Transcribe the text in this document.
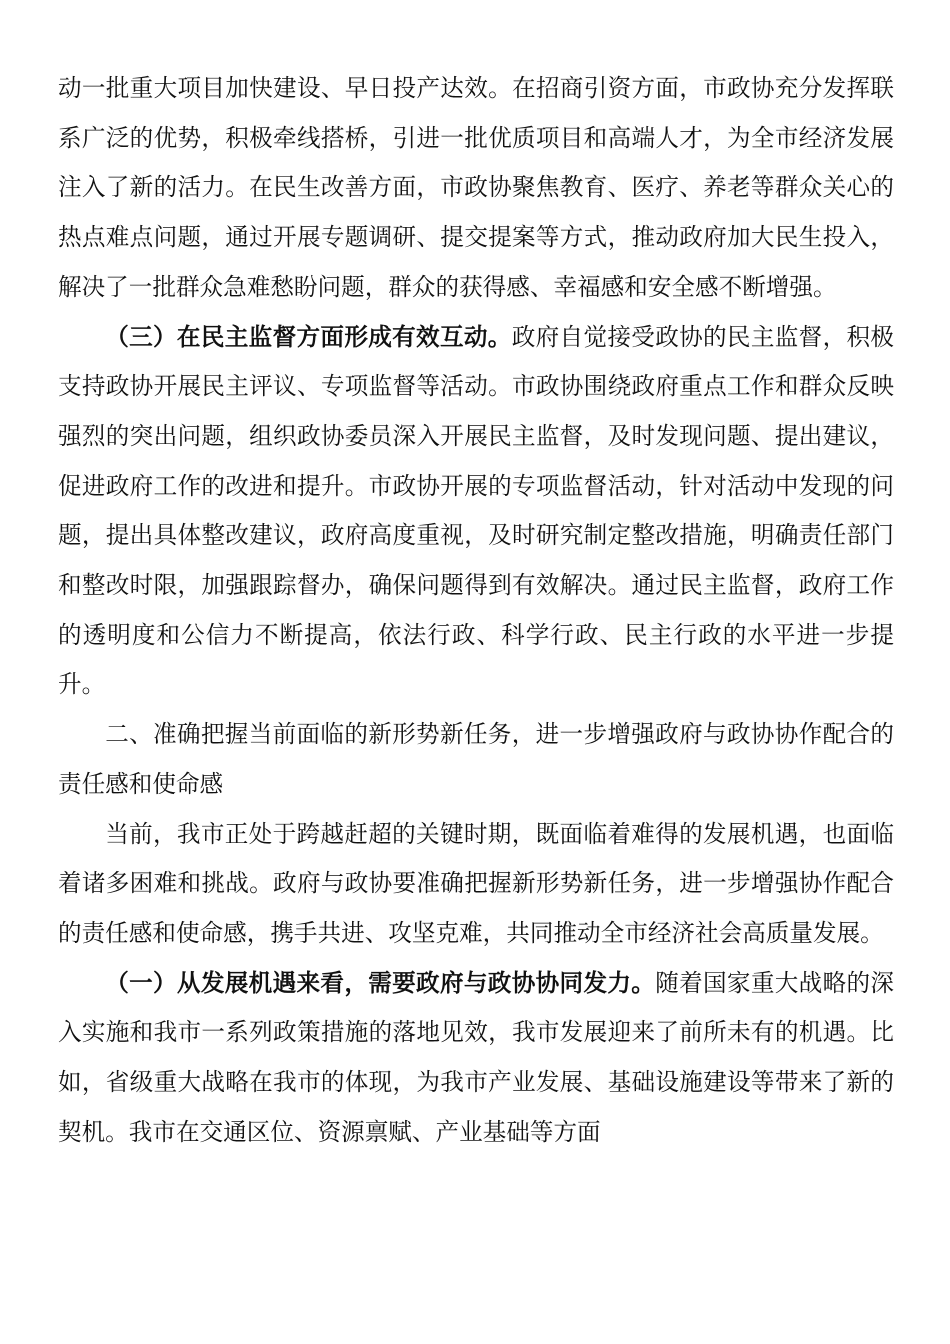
动一批重大项目加快建设、早日投产达效。在招商引资方面，市政协充分发挥联系广泛的优势，积极牵线搭桥，引进一批优质项目和高端人才，为全市经济发展注入了新的活力。在民生改善方面，市政协聚焦教育、医疗、养老等群众关心的热点难点问题，通过开展专题调研、提交提案等方式，推动政府加大民生投入，解决了一批群众急难愁盼问题，群众的获得感、幸福感和安全感不断增强。

（三）在民主监督方面形成有效互动。政府自觉接受政协的民主监督，积极支持政协开展民主评议、专项监督等活动。市政协围绕政府重点工作和群众反映强烈的突出问题，组织政协委员深入开展民主监督，及时发现问题、提出建议，促进政府工作的改进和提升。市政协开展的专项监督活动，针对活动中发现的问题，提出具体整改建议，政府高度重视，及时研究制定整改措施，明确责任部门和整改时限，加强跟踪督办，确保问题得到有效解决。通过民主监督，政府工作的透明度和公信力不断提高，依法行政、科学行政、民主行政的水平进一步提升。

二、准确把握当前面临的新形势新任务，进一步增强政府与政协协作配合的责任感和使命感

当前，我市正处于跨越赶超的关键时期，既面临着难得的发展机遇，也面临着诸多困难和挑战。政府与政协要准确把握新形势新任务，进一步增强协作配合的责任感和使命感，携手共进、攻坚克难，共同推动全市经济社会高质量发展。

（一）从发展机遇来看，需要政府与政协协同发力。随着国家重大战略的深入实施和我市一系列政策措施的落地见效，我市发展迎来了前所未有的机遇。比如，省级重大战略在我市的体现，为我市产业发展、基础设施建设等带来了新的契机。我市在交通区位、资源禀赋、产业基础等方面
